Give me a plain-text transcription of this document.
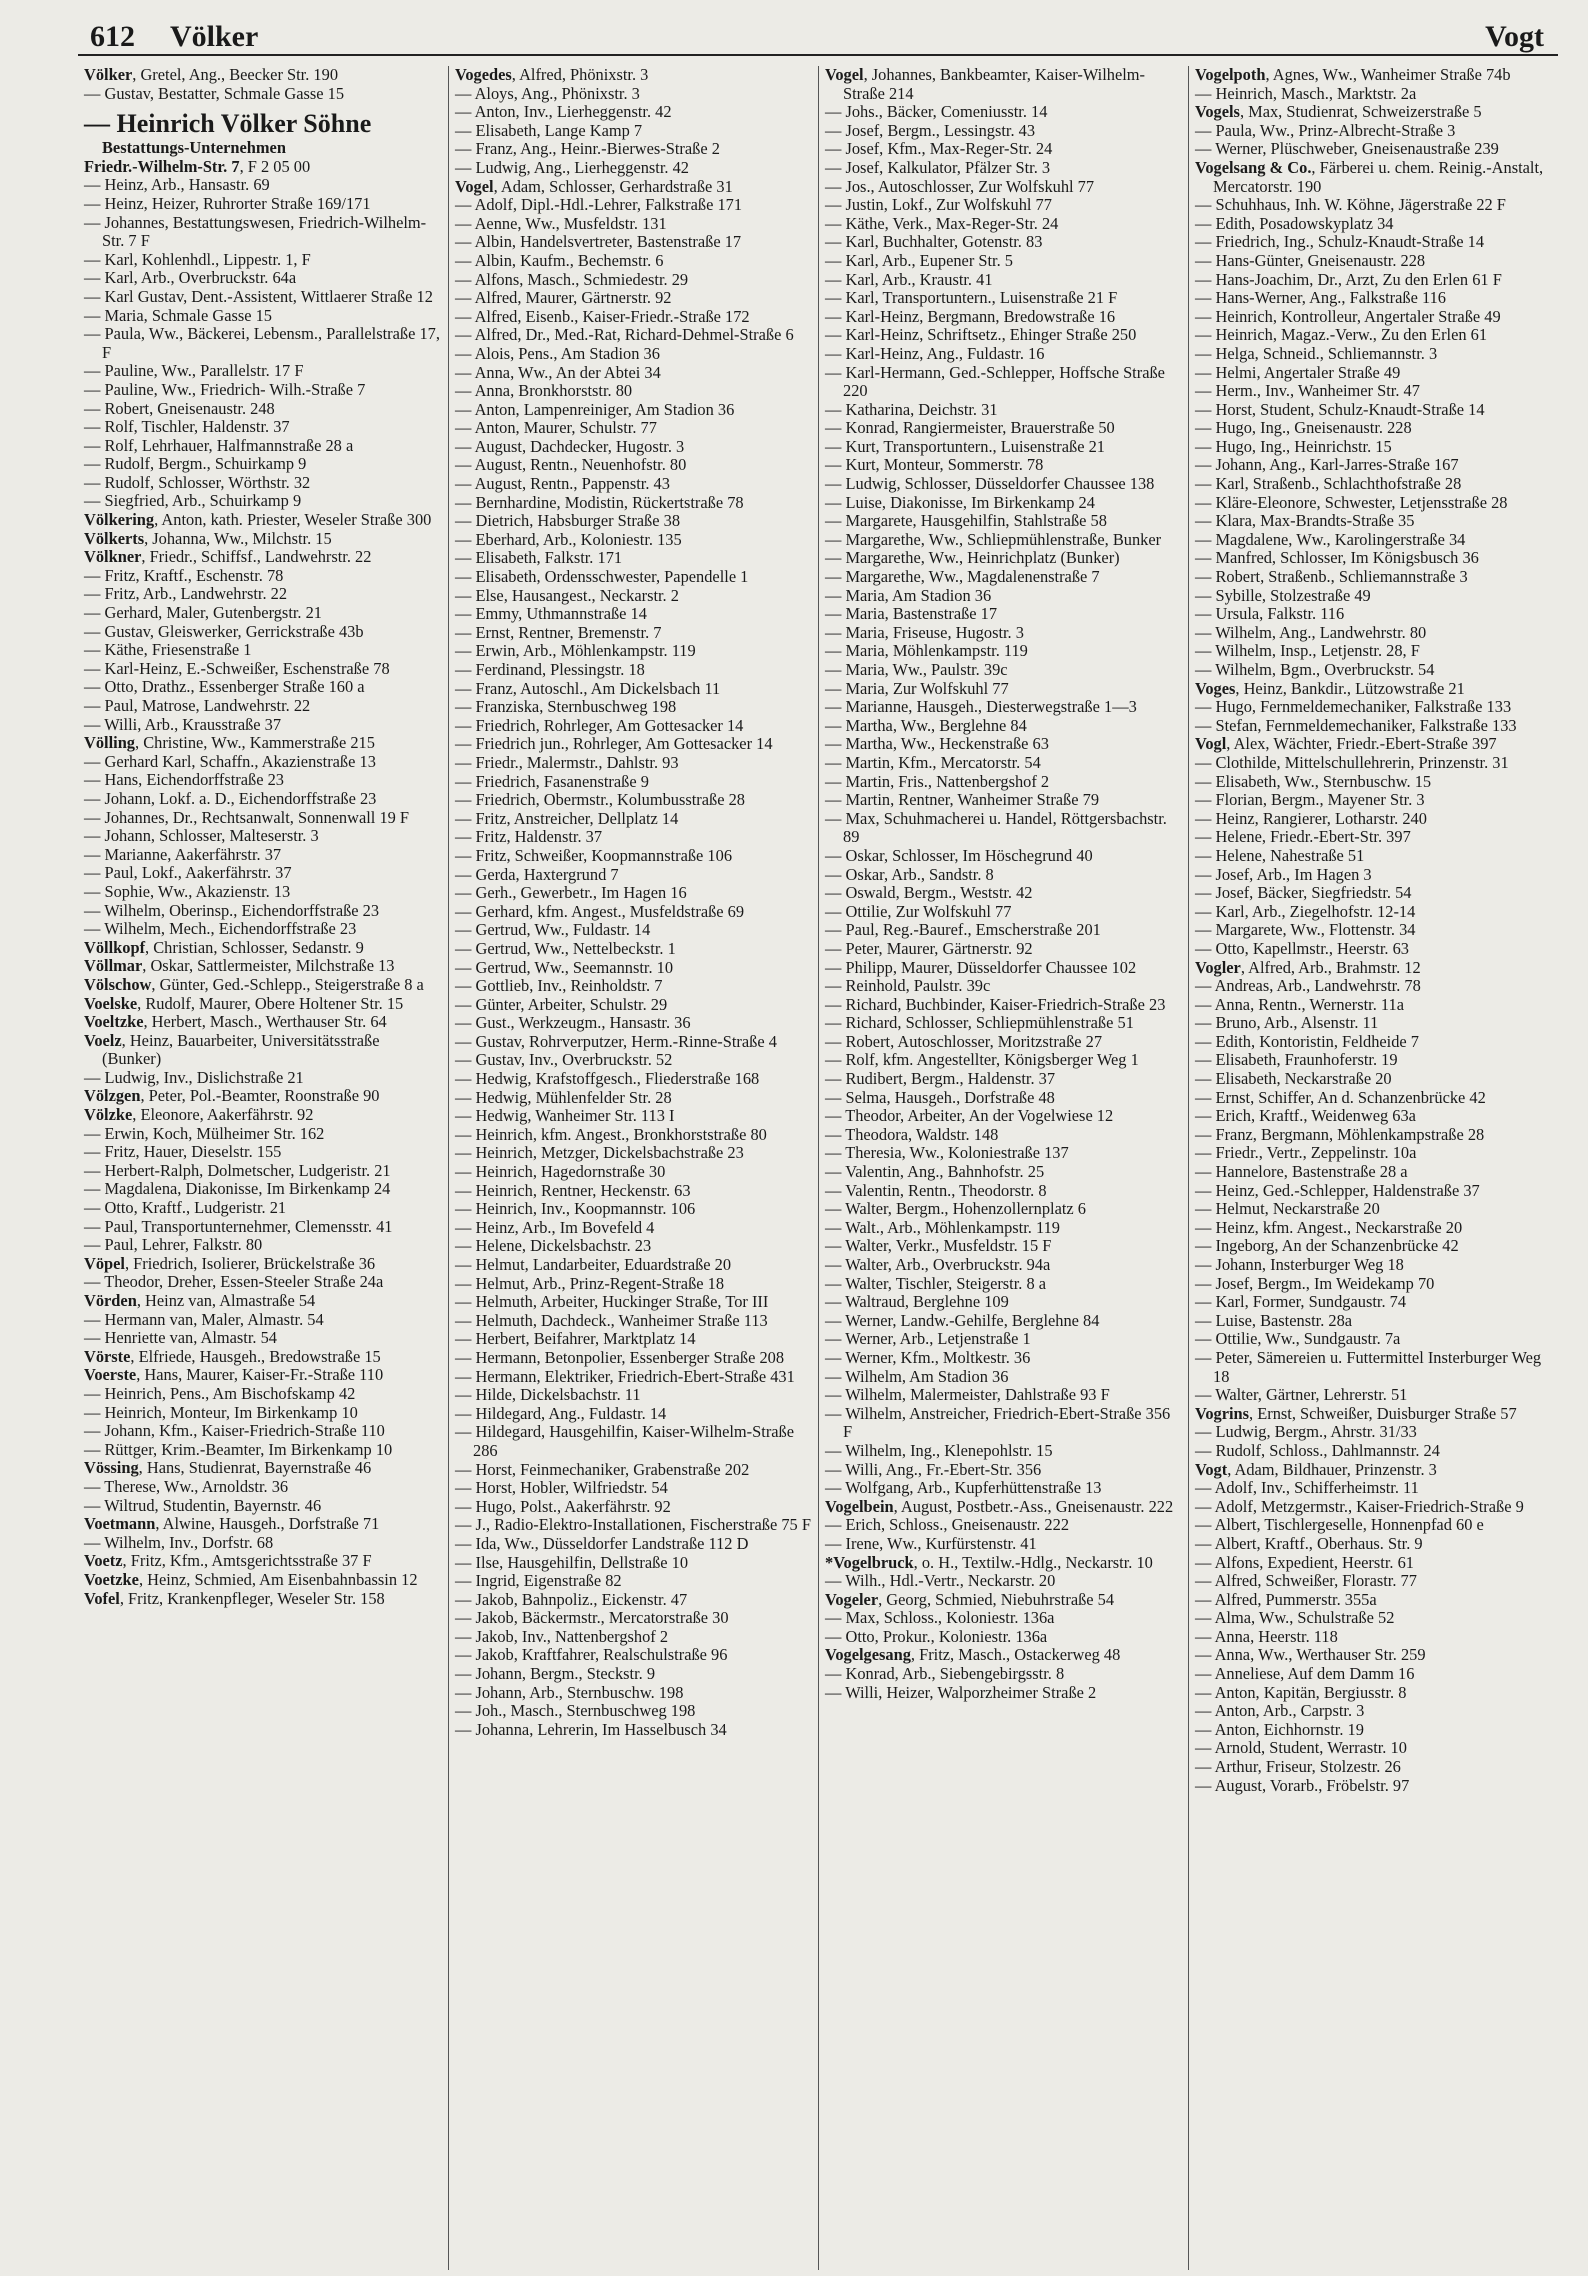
612 Völker	Vogt
Völker, Gretel, Ang., Beecker Str. 190
— Gustav, Bestatter, Schmale Gasse 15
— Heinrich Völker Söhne
Bestattungs-Unternehmen
Friedr.-Wilhelm-Str. 7, F 2 05 00
— Heinz, Arb., Hansastr. 69
— Heinz, Heizer, Ruhrorter Straße 169/171
— Johannes, Bestattungswesen, Friedrich-Wilhelm-Str. 7 F
— Karl, Kohlenhdl., Lippestr. 1, F
— Karl, Arb., Overbruckstr. 64a
— Karl Gustav, Dent.-Assistent, Wittlaerer Straße 12
— Maria, Schmale Gasse 15
— Paula, Ww., Bäckerei, Lebensm., Parallelstraße 17, F
— Pauline, Ww., Parallelstr. 17 F
— Pauline, Ww., Friedrich- Wilh.-Straße 7
— Robert, Gneisenaustr. 248
— Rolf, Tischler, Haldenstr. 37
— Rolf, Lehrhauer, Halfmannstraße 28 a
— Rudolf, Bergm., Schuirkamp 9
— Rudolf, Schlosser, Wörthstr. 32
— Siegfried, Arb., Schuirkamp 9
Völkering, Anton, kath. Priester, Weseler Straße 300
Völkerts, Johanna, Ww., Milchstr. 15
Völkner, Friedr., Schiffsf., Landwehrstr. 22
— Fritz, Kraftf., Eschenstr. 78
— Fritz, Arb., Landwehrstr. 22
— Gerhard, Maler, Gutenbergstr. 21
— Gustav, Gleiswerker, Gerrickstraße 43b
— Käthe, Friesenstraße 1
— Karl-Heinz, E.-Schweißer, Eschenstraße 78
— Otto, Drathz., Essenberger Straße 160 a
— Paul, Matrose, Landwehrstr. 22
— Willi, Arb., Krausstraße 37
Völling, Christine, Ww., Kammerstraße 215
— Gerhard Karl, Schaffn., Akazienstraße 13
— Hans, Eichendorffstraße 23
— Johann, Lokf. a. D., Eichendorffstraße 23
— Johannes, Dr., Rechtsanwalt, Sonnenwall 19 F
— Johann, Schlosser, Malteserstr. 3
— Marianne, Aakerfährstr. 37
— Paul, Lokf., Aakerfährstr. 37
— Sophie, Ww., Akazienstr. 13
— Wilhelm, Oberinsp., Eichendorffstraße 23
— Wilhelm, Mech., Eichendorffstraße 23
Völlkopf, Christian, Schlosser, Sedanstr. 9
Völlmar, Oskar, Sattlermeister, Milchstraße 13
Völschow, Günter, Ged.-Schlepp., Steigerstraße 8 a
Voelske, Rudolf, Maurer, Obere Holtener Str. 15
Voeltzke, Herbert, Masch., Werthauser Str. 64
Voelz, Heinz, Bauarbeiter, Universitätsstraße (Bunker)
— Ludwig, Inv., Dislichstraße 21
Völzgen, Peter, Pol.-Beamter, Roonstraße 90
Völzke, Eleonore, Aakerfährstr. 92
— Erwin, Koch, Mülheimer Str. 162
— Fritz, Hauer, Dieselstr. 155
— Herbert-Ralph, Dolmetscher, Ludgeristr. 21
— Magdalena, Diakonisse, Im Birkenkamp 24
— Otto, Kraftf., Ludgeristr. 21
— Paul, Transportunternehmer, Clemensstr. 41
— Paul, Lehrer, Falkstr. 80
Vöpel, Friedrich, Isolierer, Brückelstraße 36
— Theodor, Dreher, Essen-Steeler Straße 24a
Vörden, Heinz van, Almastraße 54
— Hermann van, Maler, Almastr. 54
— Henriette van, Almastr. 54
Vörste, Elfriede, Hausgeh., Bredowstraße 15
Voerste, Hans, Maurer, Kaiser-Fr.-Straße 110
— Heinrich, Pens., Am Bischofskamp 42
— Heinrich, Monteur, Im Birkenkamp 10
— Johann, Kfm., Kaiser-Friedrich-Straße 110
— Rüttger, Krim.-Beamter, Im Birkenkamp 10
Vössing, Hans, Studienrat, Bayernstraße 46
— Therese, Ww., Arnoldstr. 36
— Wiltrud, Studentin, Bayernstr. 46
Voetmann, Alwine, Hausgeh., Dorfstraße 71
— Wilhelm, Inv., Dorfstr. 68
Voetz, Fritz, Kfm., Amtsgerichtsstraße 37 F
Voetzke, Heinz, Schmied, Am Eisenbahnbassin 12
Vofel, Fritz, Krankenpfleger, Weseler Str. 158
Vogedes, Alfred, Phönixstr. 3
— Aloys, Ang., Phönixstr. 3
— Anton, Inv., Lierheggenstr. 42
— Elisabeth, Lange Kamp 7
— Franz, Ang., Heinr.-Bierwes-Straße 2
— Ludwig, Ang., Lierheggenstr. 42
Vogel, Adam, Schlosser, Gerhardstraße 31
— Adolf, Dipl.-Hdl.-Lehrer, Falkstraße 171
— Aenne, Ww., Musfeldstr. 131
— Albin, Handelsvertreter, Bastenstraße 17
— Albin, Kaufm., Bechemstr. 6
— Alfons, Masch., Schmiedestr. 29
— Alfred, Maurer, Gärtnerstr. 92
— Alfred, Eisenb., Kaiser-Friedr.-Straße 172
— Alfred, Dr., Med.-Rat, Richard-Dehmel-Straße 6
— Alois, Pens., Am Stadion 36
— Anna, Ww., An der Abtei 34
— Anna, Bronkhorststr. 80
— Anton, Lampenreiniger, Am Stadion 36
— Anton, Maurer, Schulstr. 77
— August, Dachdecker, Hugostr. 3
— August, Rentn., Neuenhofstr. 80
— August, Rentn., Pappenstr. 43
— Bernhardine, Modistin, Rückertstraße 78
— Dietrich, Habsburger Straße 38
— Eberhard, Arb., Koloniestr. 135
— Elisabeth, Falkstr. 171
— Elisabeth, Ordensschwester, Papendelle 1
— Else, Hausangest., Neckarstr. 2
— Emmy, Uthmannstraße 14
— Ernst, Rentner, Bremenstr. 7
— Erwin, Arb., Möhlenkampstr. 119
— Ferdinand, Plessingstr. 18
— Franz, Autoschl., Am Dickelsbach 11
— Franziska, Sternbuschweg 198
— Friedrich, Rohrleger, Am Gottesacker 14
— Friedrich jun., Rohrleger, Am Gottesacker 14
— Friedr., Malermstr., Dahlstr. 93
— Friedrich, Fasanenstraße 9
— Friedrich, Obermstr., Kolumbusstraße 28
— Fritz, Anstreicher, Dellplatz 14
— Fritz, Haldenstr. 37
— Fritz, Schweißer, Koopmannstraße 106
— Gerda, Haxtergrund 7
— Gerh., Gewerbetr., Im Hagen 16
— Gerhard, kfm. Angest., Musfeldstraße 69
— Gertrud, Ww., Fuldastr. 14
— Gertrud, Ww., Nettelbeckstr. 1
— Gertrud, Ww., Seemannstr. 10
— Gottlieb, Inv., Reinholdstr. 7
— Günter, Arbeiter, Schulstr. 29
— Gust., Werkzeugm., Hansastr. 36
— Gustav, Rohrverputzer, Herm.-Rinne-Straße 4
— Gustav, Inv., Overbruckstr. 52
— Hedwig, Krafstoffgesch., Fliederstraße 168
— Hedwig, Mühlenfelder Str. 28
— Hedwig, Wanheimer Str. 113 I
— Heinrich, kfm. Angest., Bronkhorststraße 80
— Heinrich, Metzger, Dickelsbachstraße 23
— Heinrich, Hagedornstraße 30
— Heinrich, Rentner, Heckenstr. 63
— Heinrich, Inv., Koopmannstr. 106
— Heinz, Arb., Im Bovefeld 4
— Helene, Dickelsbachstr. 23
— Helmut, Landarbeiter, Eduardstraße 20
— Helmut, Arb., Prinz-Regent-Straße 18
— Helmuth, Arbeiter, Huckinger Straße, Tor III
— Helmuth, Dachdeck., Wanheimer Straße 113
— Herbert, Beifahrer, Marktplatz 14
— Hermann, Betonpolier, Essenberger Straße 208
— Hermann, Elektriker, Friedrich-Ebert-Straße 431
— Hilde, Dickelsbachstr. 11
— Hildegard, Ang., Fuldastr. 14
— Hildegard, Hausgehilfin, Kaiser-Wilhelm-Straße 286
— Horst, Feinmechaniker, Grabenstraße 202
— Horst, Hobler, Wilfriedstr. 54
— Hugo, Polst., Aakerfährstr. 92
— J., Radio-Elektro-Installationen, Fischerstraße 75 F
— Ida, Ww., Düsseldorfer Landstraße 112 D
— Ilse, Hausgehilfin, Dellstraße 10
— Ingrid, Eigenstraße 82
— Jakob, Bahnpoliz., Eickenstr. 47
— Jakob, Bäckermstr., Mercatorstraße 30
— Jakob, Inv., Nattenbergshof 2
— Jakob, Kraftfahrer, Realschulstraße 96
— Johann, Bergm., Steckstr. 9
— Johann, Arb., Sternbuschw. 198
— Joh., Masch., Sternbuschweg 198
— Johanna, Lehrerin, Im Hasselbusch 34
Vogel, Johannes, Bankbeamter, Kaiser-Wilhelm-Straße 214
— Johs., Bäcker, Comeniusstr. 14
— Josef, Bergm., Lessingstr. 43
— Josef, Kfm., Max-Reger-Str. 24
— Josef, Kalkulator, Pfälzer Str. 3
— Jos., Autoschlosser, Zur Wolfskuhl 77
— Justin, Lokf., Zur Wolfskuhl 77
— Käthe, Verk., Max-Reger-Str. 24
— Karl, Buchhalter, Gotenstr. 83
— Karl, Arb., Eupener Str. 5
— Karl, Arb., Kraustr. 41
— Karl, Transportuntern., Luisenstraße 21 F
— Karl-Heinz, Bergmann, Bredowstraße 16
— Karl-Heinz, Schriftsetz., Ehinger Straße 250
— Karl-Heinz, Ang., Fuldastr. 16
— Karl-Hermann, Ged.-Schlepper, Hoffsche Straße 220
— Katharina, Deichstr. 31
— Konrad, Rangiermeister, Brauerstraße 50
— Kurt, Transportuntern., Luisenstraße 21
— Kurt, Monteur, Sommerstr. 78
— Ludwig, Schlosser, Düsseldorfer Chaussee 138
— Luise, Diakonisse, Im Birkenkamp 24
— Margarete, Hausgehilfin, Stahlstraße 58
— Margarethe, Ww., Schliepmühlenstraße, Bunker
— Margarethe, Ww., Heinrichplatz (Bunker)
— Margarethe, Ww., Magdalenenstraße 7
— Maria, Am Stadion 36
— Maria, Bastenstraße 17
— Maria, Friseuse, Hugostr. 3
— Maria, Möhlenkampstr. 119
— Maria, Ww., Paulstr. 39c
— Maria, Zur Wolfskuhl 77
— Marianne, Hausgeh., Diesterwegstraße 1—3
— Martha, Ww., Berglehne 84
— Martha, Ww., Heckenstraße 63
— Martin, Kfm., Mercatorstr. 54
— Martin, Fris., Nattenbergshof 2
— Martin, Rentner, Wanheimer Straße 79
— Max, Schuhmacherei u. Handel, Röttgersbachstr. 89
— Oskar, Schlosser, Im Höschegrund 40
— Oskar, Arb., Sandstr. 8
— Oswald, Bergm., Weststr. 42
— Ottilie, Zur Wolfskuhl 77
— Paul, Reg.-Bauref., Emscherstraße 201
— Peter, Maurer, Gärtnerstr. 92
— Philipp, Maurer, Düsseldorfer Chaussee 102
— Reinhold, Paulstr. 39c
— Richard, Buchbinder, Kaiser-Friedrich-Straße 23
— Richard, Schlosser, Schliepmühlenstraße 51
— Robert, Autoschlosser, Moritzstraße 27
— Rolf, kfm. Angestellter, Königsberger Weg 1
— Rudibert, Bergm., Haldenstr. 37
— Selma, Hausgeh., Dorfstraße 48
— Theodor, Arbeiter, An der Vogelwiese 12
— Theodora, Waldstr. 148
— Theresia, Ww., Koloniestraße 137
— Valentin, Ang., Bahnhofstr. 25
— Valentin, Rentn., Theodorstr. 8
— Walter, Bergm., Hohenzollernplatz 6
— Walt., Arb., Möhlenkampstr. 119
— Walter, Verkr., Musfeldstr. 15 F
— Walter, Arb., Overbruckstr. 94a
— Walter, Tischler, Steigerstr. 8 a
— Waltraud, Berglehne 109
— Werner, Landw.-Gehilfe, Berglehne 84
— Werner, Arb., Letjenstraße 1
— Werner, Kfm., Moltkestr. 36
— Wilhelm, Am Stadion 36
— Wilhelm, Malermeister, Dahlstraße 93 F
— Wilhelm, Anstreicher, Friedrich-Ebert-Straße 356 F
— Wilhelm, Ing., Klenepohlstr. 15
— Willi, Ang., Fr.-Ebert-Str. 356
— Wolfgang, Arb., Kupferhüttenstraße 13
Vogelbein, August, Postbetr.-Ass., Gneisenaustr. 222
— Erich, Schloss., Gneisenaustr. 222
— Irene, Ww., Kurfürstenstr. 41
*Vogelbruck, o. H., Textilw.-Hdlg., Neckarstr. 10
— Wilh., Hdl.-Vertr., Neckarstr. 20
Vogeler, Georg, Schmied, Niebuhrstraße 54
— Max, Schloss., Koloniestr. 136a
— Otto, Prokur., Koloniestr. 136a
Vogelgesang, Fritz, Masch., Ostackerweg 48
— Konrad, Arb., Siebengebirgsstr. 8
— Willi, Heizer, Walporzheimer Straße 2
Vogelpoth, Agnes, Ww., Wanheimer Straße 74b
— Heinrich, Masch., Marktstr. 2a
Vogels, Max, Studienrat, Schweizerstraße 5
— Paula, Ww., Prinz-Albrecht-Straße 3
— Werner, Plüschweber, Gneisenaustraße 239
Vogelsang & Co., Färberei u. chem. Reinig.-Anstalt, Mercatorstr. 190
— Schuhhaus, Inh. W. Köhne, Jägerstraße 22 F
— Edith, Posadowskyplatz 34
— Friedrich, Ing., Schulz-Knaudt-Straße 14
— Hans-Günter, Gneisenaustr. 228
— Hans-Joachim, Dr., Arzt, Zu den Erlen 61 F
— Hans-Werner, Ang., Falkstraße 116
— Heinrich, Kontrolleur, Angertaler Straße 49
— Heinrich, Magaz.-Verw., Zu den Erlen 61
— Helga, Schneid., Schliemannstr. 3
— Helmi, Angertaler Straße 49
— Herm., Inv., Wanheimer Str. 47
— Horst, Student, Schulz-Knaudt-Straße 14
— Hugo, Ing., Gneisenaustr. 228
— Hugo, Ing., Heinrichstr. 15
— Johann, Ang., Karl-Jarres-Straße 167
— Karl, Straßenb., Schlachthofstraße 28
— Kläre-Eleonore, Schwester, Letjensstraße 28
— Klara, Max-Brandts-Straße 35
— Magdalene, Ww., Karolingerstraße 34
— Manfred, Schlosser, Im Königsbusch 36
— Robert, Straßenb., Schliemannstraße 3
— Sybille, Stolzestraße 49
— Ursula, Falkstr. 116
— Wilhelm, Ang., Landwehrstr. 80
— Wilhelm, Insp., Letjenstr. 28, F
— Wilhelm, Bgm., Overbruckstr. 54
Voges, Heinz, Bankdir., Lützowstraße 21
— Hugo, Fernmeldemechaniker, Falkstraße 133
— Stefan, Fernmeldemechaniker, Falkstraße 133
Vogl, Alex, Wächter, Friedr.-Ebert-Straße 397
— Clothilde, Mittelschullehrerin, Prinzenstr. 31
— Elisabeth, Ww., Sternbuschw. 15
— Florian, Bergm., Mayener Str. 3
— Heinz, Rangierer, Lotharstr. 240
— Helene, Friedr.-Ebert-Str. 397
— Helene, Nahestraße 51
— Josef, Arb., Im Hagen 3
— Josef, Bäcker, Siegfriedstr. 54
— Karl, Arb., Ziegelhofstr. 12-14
— Margarete, Ww., Flottenstr. 34
— Otto, Kapellmstr., Heerstr. 63
Vogler, Alfred, Arb., Brahmstr. 12
— Andreas, Arb., Landwehrstr. 78
— Anna, Rentn., Wernerstr. 11a
— Bruno, Arb., Alsenstr. 11
— Edith, Kontoristin, Feldheide 7
— Elisabeth, Fraunhoferstr. 19
— Elisabeth, Neckarstraße 20
— Ernst, Schiffer, An d. Schanzenbrücke 42
— Erich, Kraftf., Weidenweg 63a
— Franz, Bergmann, Möhlenkampstraße 28
— Friedr., Vertr., Zeppelinstr. 10a
— Hannelore, Bastenstraße 28 a
— Heinz, Ged.-Schlepper, Haldenstraße 37
— Helmut, Neckarstraße 20
— Heinz, kfm. Angest., Neckarstraße 20
— Ingeborg, An der Schanzenbrücke 42
— Johann, Insterburger Weg 18
— Josef, Bergm., Im Weidekamp 70
— Karl, Former, Sundgaustr. 74
— Luise, Bastenstr. 28a
— Ottilie, Ww., Sundgaustr. 7a
— Peter, Sämereien u. Futtermittel Insterburger Weg 18
— Walter, Gärtner, Lehrerstr. 51
Vogrins, Ernst, Schweißer, Duisburger Straße 57
— Ludwig, Bergm., Ahrstr. 31/33
— Rudolf, Schloss., Dahlmannstr. 24
Vogt, Adam, Bildhauer, Prinzenstr. 3
— Adolf, Inv., Schifferheimstr. 11
— Adolf, Metzgermstr., Kaiser-Friedrich-Straße 9
— Albert, Tischlergeselle, Honnenpfad 60 e
— Albert, Kraftf., Oberhaus. Str. 9
— Alfons, Expedient, Heerstr. 61
— Alfred, Schweißer, Florastr. 77
— Alfred, Pummerstr. 355a
— Alma, Ww., Schulstraße 52
— Anna, Heerstr. 118
— Anna, Ww., Werthauser Str. 259
— Anneliese, Auf dem Damm 16
— Anton, Kapitän, Bergiusstr. 8
— Anton, Arb., Carpstr. 3
— Anton, Eichhornstr. 19
— Arnold, Student, Werrastr. 10
— Arthur, Friseur, Stolzestr. 26
— August, Vorarb., Fröbelstr. 97
